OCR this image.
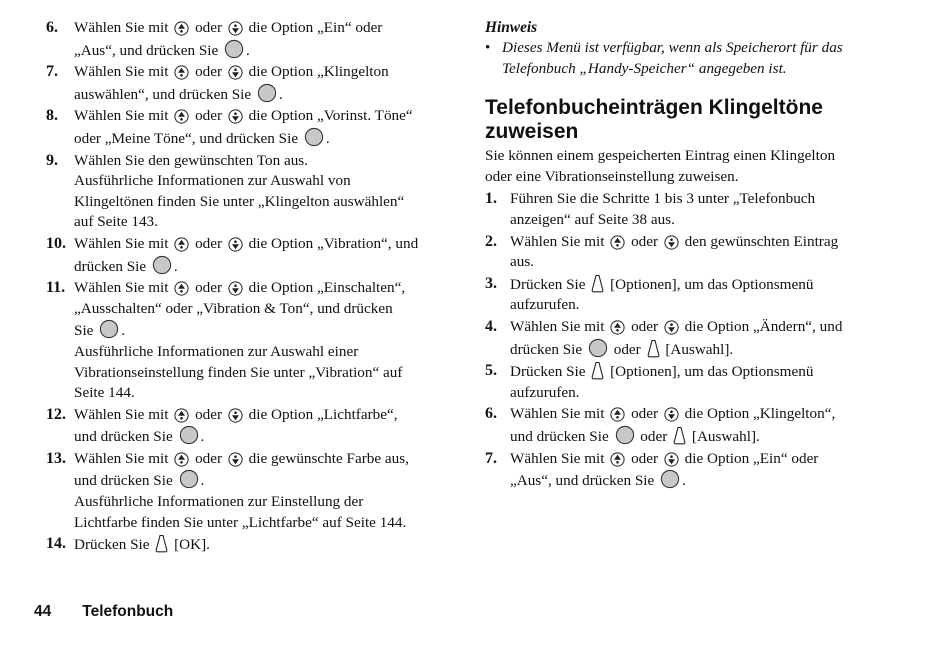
6.	Wählen Sie mit
oder
die Option „Ein“ oder
„Aus“, und drücken Sie
.
7.	Wählen Sie mit
oder
die Option „Klingelton
auswählen“, und drücken Sie
.
8.	Wählen Sie mit
oder
die Option „Vorinst. Töne“
oder „Meine Töne“, und drücken Sie
.
9.	Wählen Sie den gewünschten Ton aus.
Ausführliche Informationen zur Auswahl von
Klingeltönen finden Sie unter „Klingelton auswählen“
auf Seite 143.
10. Wählen Sie mit
oder
die Option „Vibration“, und
drücken Sie
.
11. Wählen Sie mit
oder
die Option „Einschalten“,
„Ausschalten“ oder „Vibration & Ton“, und drücken
Sie
.
Ausführliche Informationen zur Auswahl einer
Vibrationseinstellung finden Sie unter „Vibration“ auf
Seite 144.
12. Wählen Sie mit
oder
die Option „Lichtfarbe“,
und drücken Sie
.
13. Wählen Sie mit
oder
die gewünschte Farbe aus,
und drücken Sie
.
Ausführliche Informationen zur Einstellung der
Lichtfarbe finden Sie unter „Lichtfarbe“ auf Seite 144.
14. Drücken Sie
[OK].
Hinweis
• Dieses Menü ist verfügbar, wenn als Speicherort für das
Telefonbuch „Handy-Speicher“ angegeben ist.
Telefonbucheinträgen Klingeltöne
zuweisen
Sie können einem gespeicherten Eintrag einen Klingelton
oder eine Vibrationseinstellung zuweisen.
1. Führen Sie die Schritte 1 bis 3 unter „Telefonbuch
anzeigen“ auf Seite 38 aus.
2. Wählen Sie mit
oder
den gewünschten Eintrag
aus.
3. Drücken Sie
[Optionen], um das Optionsmenü
aufzurufen.
4. Wählen Sie mit
oder
die Option „Ändern“, und
drücken Sie
oder
[Auswahl].
5. Drücken Sie
[Optionen], um das Optionsmenü
aufzurufen.
6. Wählen Sie mit
oder
die Option „Klingelton“,
und drücken Sie
oder
[Auswahl].
7. Wählen Sie mit
oder
die Option „Ein“ oder
„Aus“, und drücken Sie
.
44 Telefonbuch
